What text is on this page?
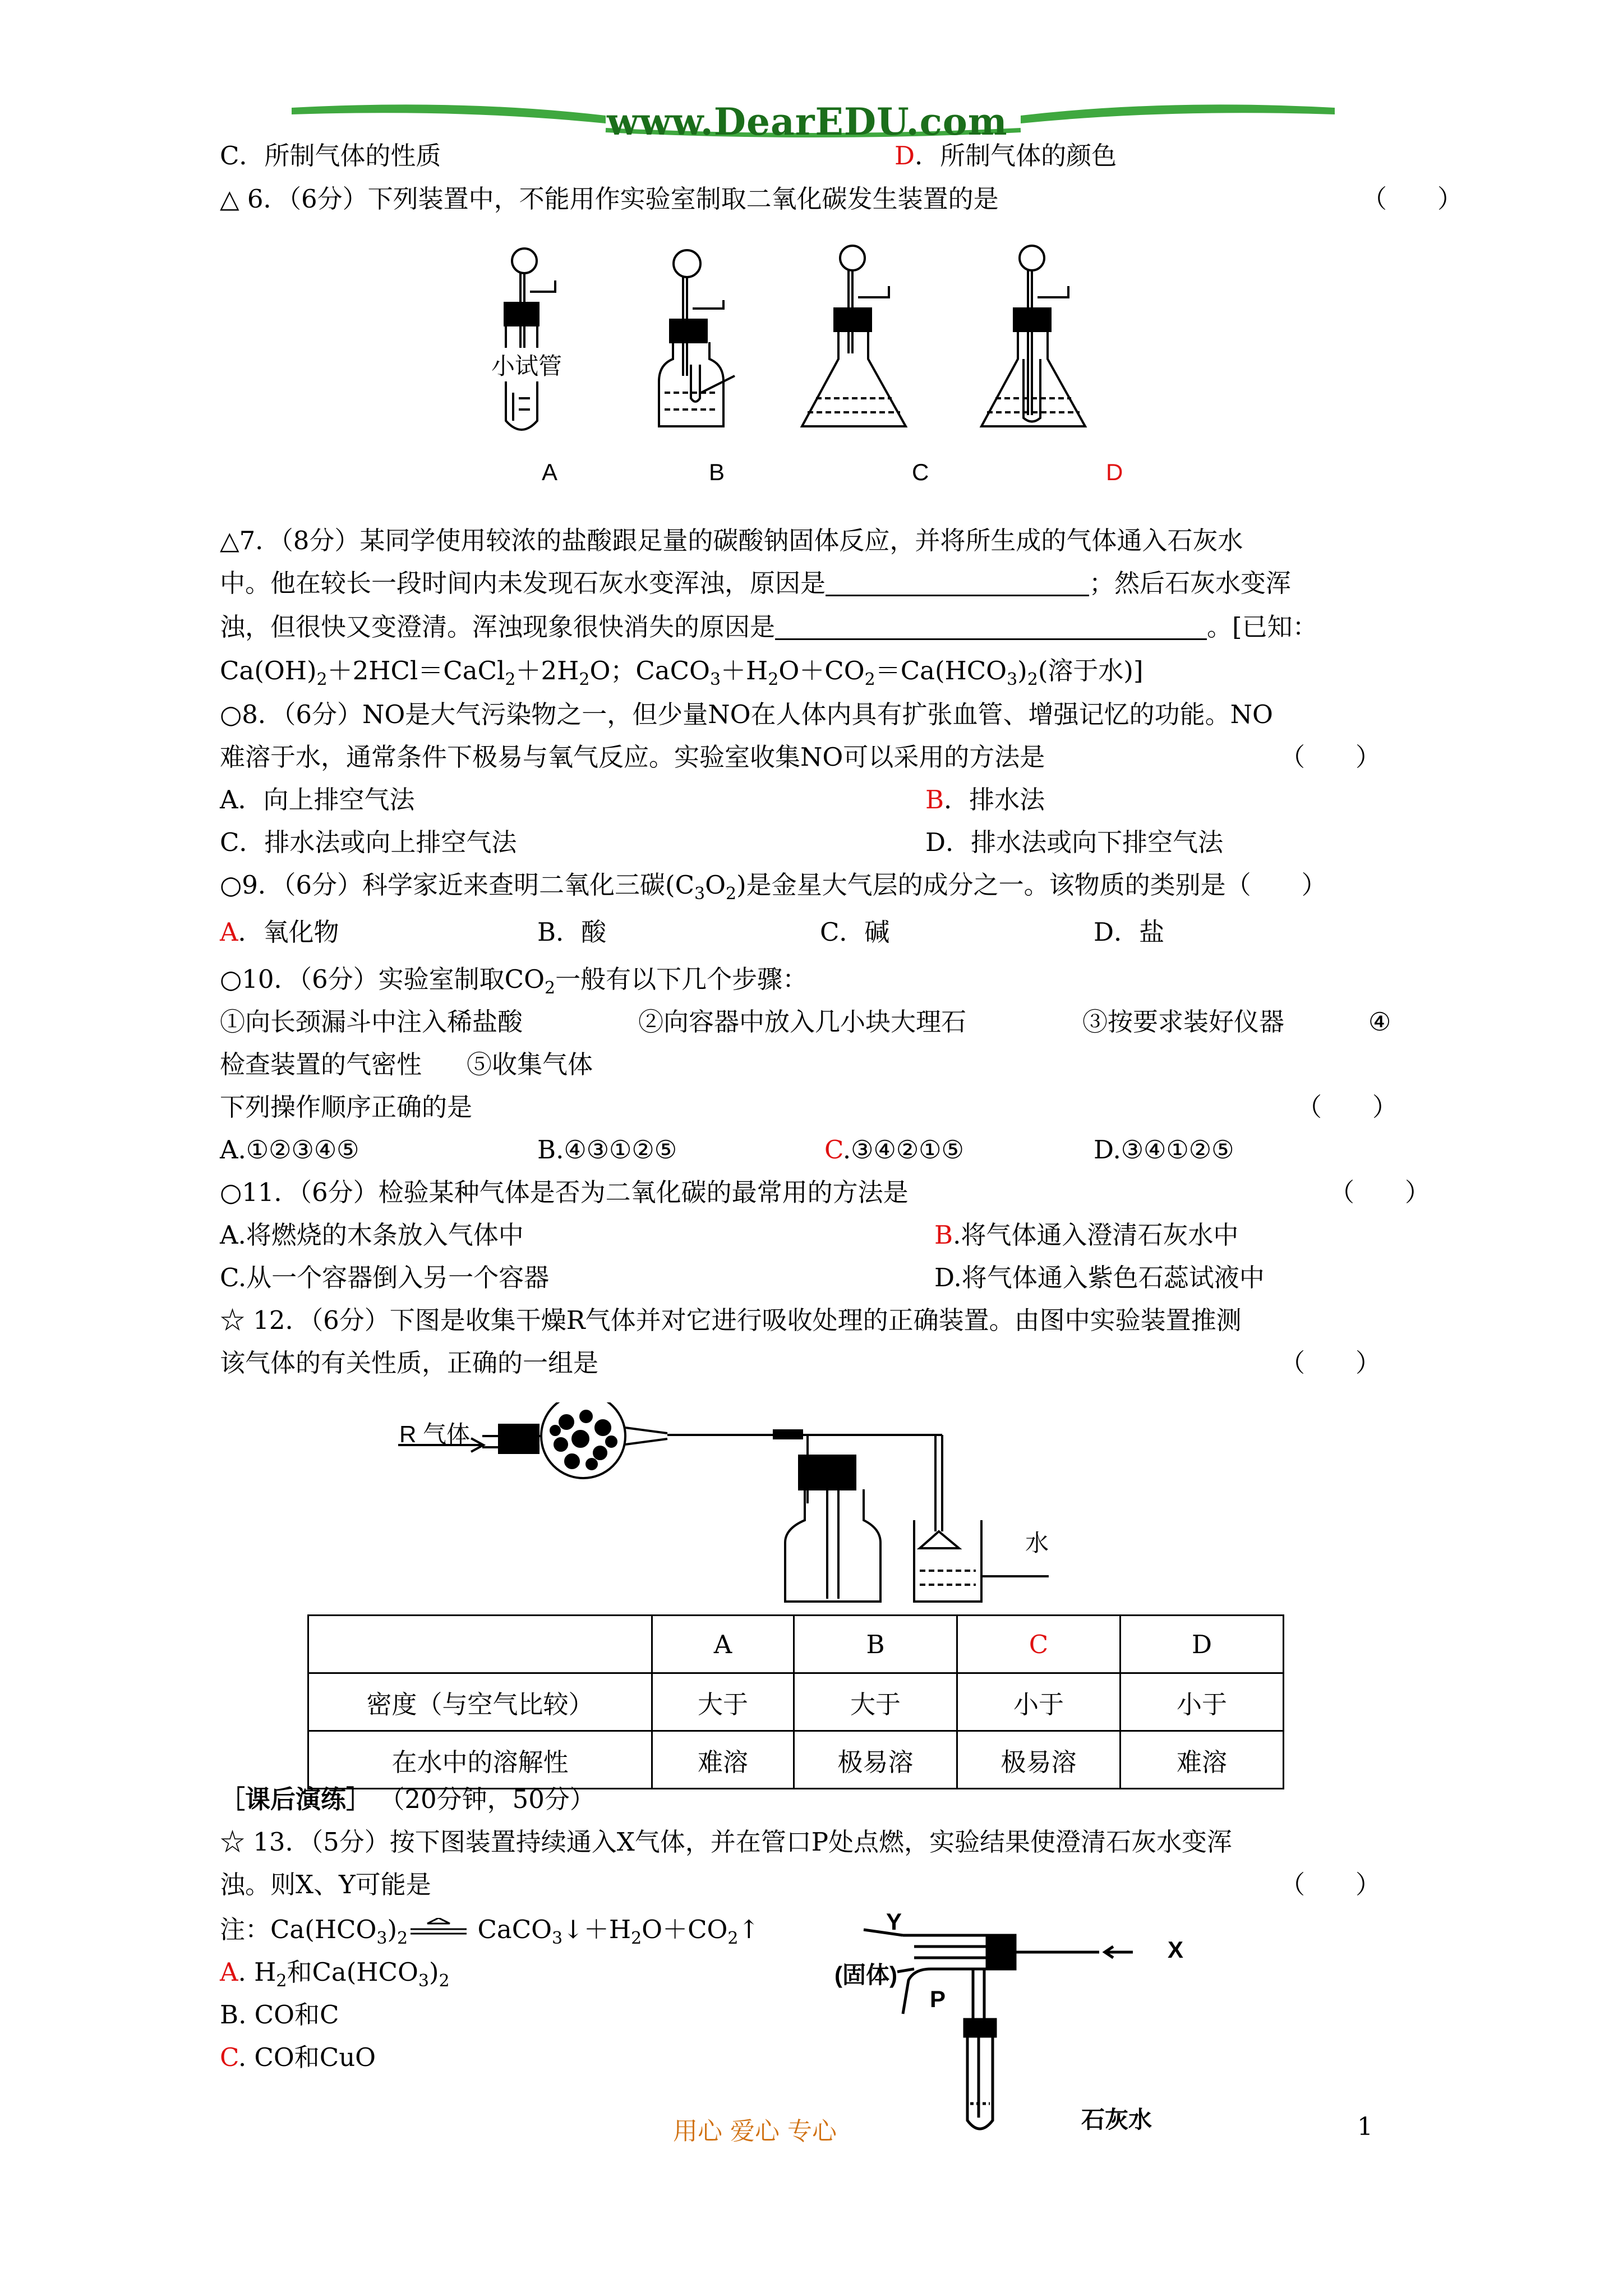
www.DearEDU.com
C．所制气体的性质	D．所制气体的颜色
△ 6．（6分）下列装置中，不能用作实验室制取二氧化碳发生装置的是	（　　）
小试管
A	B	C	D
△7．（8分）某同学使用较浓的盐酸跟足量的碳酸钠固体反应，并将所生成的气体通入石灰水
中。他在较长一段时间内未发现石灰水变浑浊，原因是	；然后石灰水变浑
浊，但很快又变澄清。浑浊现象很快消失的原因是	。[已知：
$Ca(OH)_2+2HCl=CaCl_2+2H_2O$；$CaCO_3+H_2O+CO_2=Ca(HCO_3)_2$(溶于水)]
○8．（6分）NO是大气污染物之一，但少量NO在人体内具有扩张血管、增强记忆的功能。NO
难溶于水，通常条件下极易与氧气反应。实验室收集NO可以采用的方法是	（　　）
A．向上排空气法	B．排水法
C．排水法或向上排空气法	D．排水法或向下排空气法
○9．（6分）科学家近来查明二氧化三碳$(C_3O_2)$是金星大气层的成分之一。该物质的类别是（　　）
A．氧化物	B．酸	C．碱	D．盐
○10．（6分）实验室制取$CO_2$一般有以下几个步骤：
①向长颈漏斗中注入稀盐酸	②向容器中放入几小块大理石	③按要求装好仪器	④
检查装置的气密性 ⑤收集气体
下列操作顺序正确的是	（　　）
A.①②③④⑤	B.④③①②⑤	C.③④②①⑤	D.③④①②⑤
○11．（6分）检验某种气体是否为二氧化碳的最常用的方法是	（　　）
A.将燃烧的木条放入气体中	B.将气体通入澄清石灰水中
C.从一个容器倒入另一个容器	D.将气体通入紫色石蕊试液中
☆ 12．（6分）下图是收集干燥R气体并对它进行吸收处理的正确装置。由图中实验装置推测
该气体的有关性质，正确的一组是	（　　）
R 气体
水
	A	B	C	D
密度（与空气比较）	大于	大于	小于	小于
在水中的溶解性	难溶	极易溶	极易溶	难溶
［课后演练］ （20分钟，50分）
☆ 13．（5分）按下图装置持续通入X气体，并在管口P处点燃，实验结果使澄清石灰水变浑
浊。则X、Y可能是	（　　）
注：$Ca(HCO_3)_2$ $CaCO_3↓+H_2O+CO_2↑$
A. $H_2$和$Ca(HCO_3)_2$
B. CO和C
C. CO和CuO
Y
X
(固体)
P
石灰水
用心 爱心 专心	1
